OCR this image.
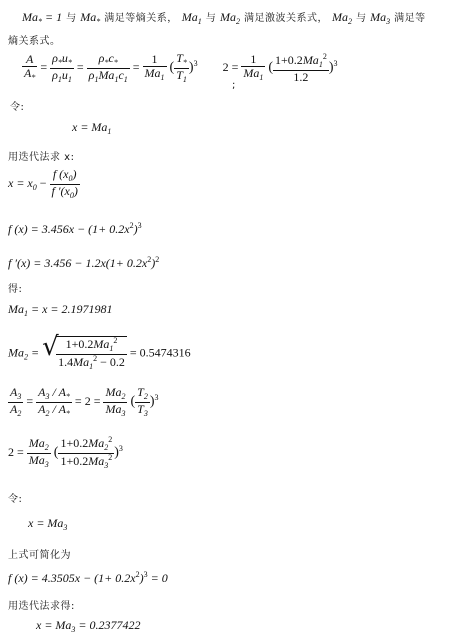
$Ma_* = 1$ 与 $Ma_*$ 满足等熵关系， $Ma_1$ 与 $Ma_2$ 满足激波关系式， $Ma_2$ 与 $Ma_3$ 满足等
熵关系式。
$\frac{A}{A_*} = \frac{\rho_*u_*}{\rho_1u_1} = \frac{\rho_*c_*}{\rho_1Ma_1c_1} = \frac{1}{Ma_1}$ ( $\frac{T_*}{T_1} )^3$ $2 = \frac{1}{Ma_1}$ ( $\frac{1+0.2Ma_1^2}{1.2} )^3$
;
令:
$x = Ma_1$
用迭代法求 x:
$x = x_0 - \frac{f (x_0)}{f '(x_0)}$
f $(x) = 3.456x - (1+ 0.2x^2)^3$
f $'(x) = 3.456 - 1.2x(1+ 0.2x^2)^2$
得:
$Ma_1 = x = 2.1971981$
$Ma_2$ = √
$\frac{1+0.2Ma_1^2}{1.4Ma_1^2 - 0.2} = 0.5474316$
$\frac{A_3}{A_2} = \frac{A_3 / A_*}{A_2 / A_*} = 2 = \frac{Ma_2}{Ma_3}$ ( $\frac{T_2}{T_3} )^3$
$2 = \frac{Ma_2}{Ma_3}$ ( $\frac{1+0.2Ma_2^2}{1+0.2Ma_3^2} )^3$
令:
$x = Ma_3$
上式可简化为
f $(x) = 4.3505x - (1+ 0.2x^2)^3 = 0$
用迭代法求得:
$x = Ma_3 = 0.2377422$
